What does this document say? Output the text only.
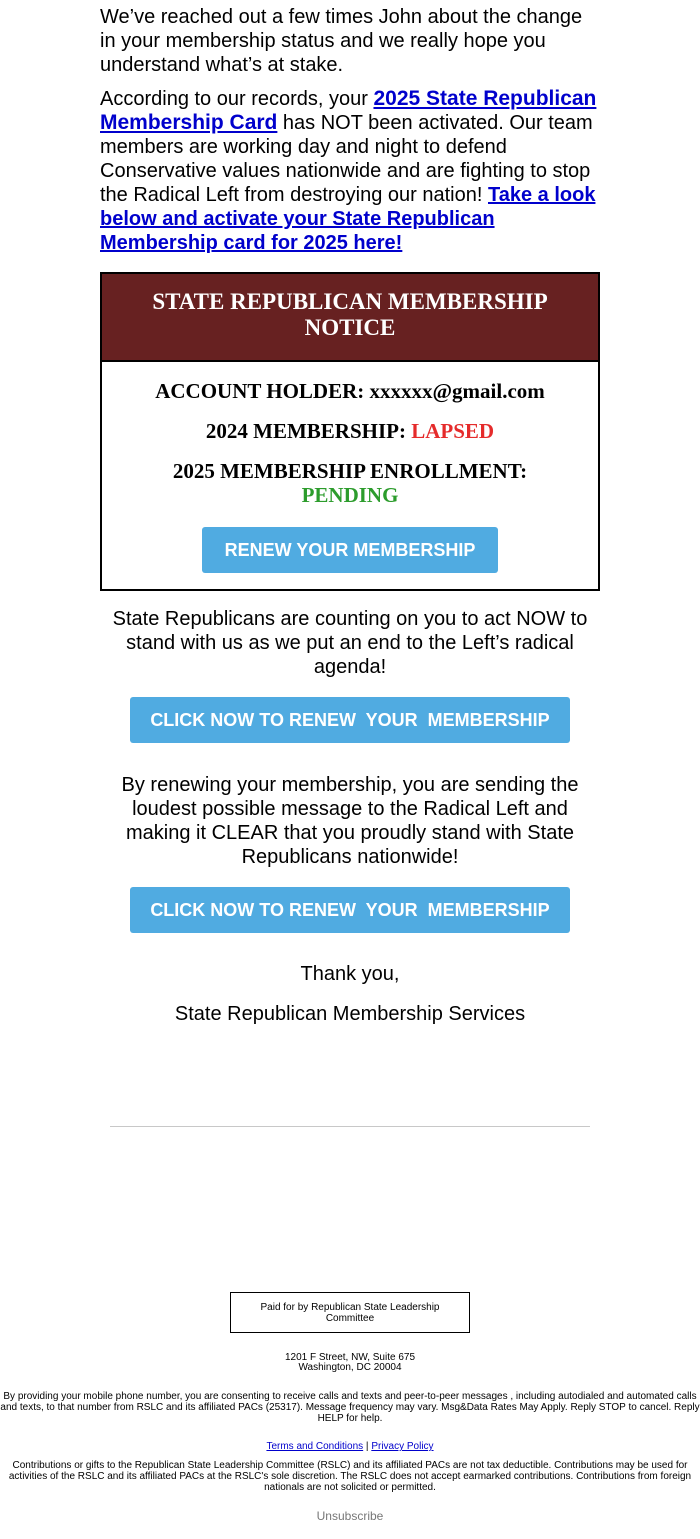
We’ve reached out a few times John about the change in your membership status and we really hope you understand what’s at stake.

According to our records, your 2025 State Republican Membership Card has NOT been activated. Our team members are working day and night to defend Conservative values nationwide and are fighting to stop the Radical Left from destroying our nation! Take a look below and activate your State Republican Membership card for 2025 here!

STATE REPUBLICAN MEMBERSHIP NOTICE
ACCOUNT HOLDER: xxxxxx@gmail.com
2024 MEMBERSHIP: LAPSED
2025 MEMBERSHIP ENROLLMENT:
PENDING
RENEW YOUR MEMBERSHIP
State Republicans are counting on you to act NOW to stand with us as we put an end to the Left’s radical agenda!
CLICK NOW TO RENEW  YOUR  MEMBERSHIP
By renewing your membership, you are sending the loudest possible message to the Radical Left and making it CLEAR that you proudly stand with State Republicans nationwide!
CLICK NOW TO RENEW  YOUR  MEMBERSHIP
Thank you,
State Republican Membership Services
Paid for by Republican State Leadership
Committee
1201 F Street, NW, Suite 675
Washington, DC 20004
By providing your mobile phone number, you are consenting to receive calls and texts and peer-to-peer messages , including autodialed and automated calls and texts, to that number from RSLC and its affiliated PACs (25317). Message frequency may vary. Msg&Data Rates May Apply. Reply STOP to cancel. Reply HELP for help.
Terms and Conditions | Privacy Policy
Contributions or gifts to the Republican State Leadership Committee (RSLC) and its affiliated PACs are not tax deductible. Contributions may be used for activities of the RSLC and its affiliated PACs at the RSLC's sole discretion. The RSLC does not accept earmarked contributions. Contributions from foreign nationals are not solicited or permitted.
Unsubscribe
